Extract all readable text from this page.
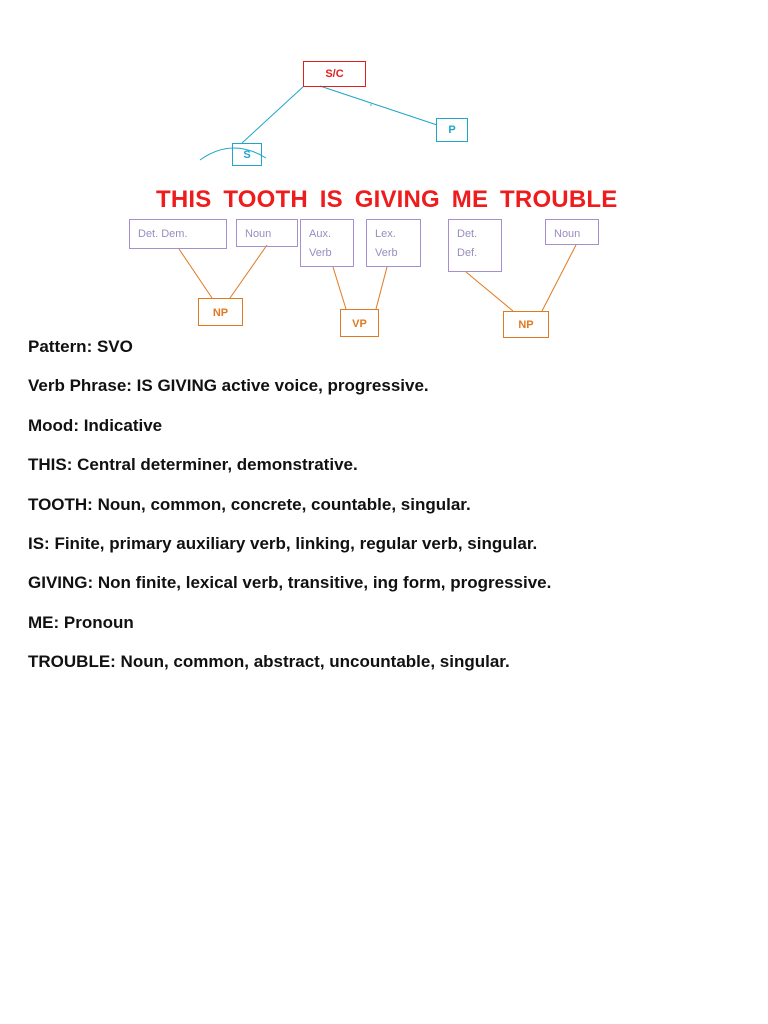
S/C
P
S

THIS TOOTH IS GIVING ME TROUBLE

Det. Dem.	Noun	Aux.
Verb
Lex.
Verb
Det.
Def.
Noun
NP
VP	NP
Pattern: SVO
Verb Phrase: IS GIVING active voice, progressive.
Mood: Indicative
THIS: Central determiner, demonstrative.
TOOTH: Noun, common, concrete, countable, singular.
IS: Finite, primary auxiliary verb, linking, regular verb, singular.
GIVING: Non finite, lexical verb, transitive, ing form, progressive.
ME: Pronoun
TROUBLE: Noun, common, abstract, uncountable, singular.
